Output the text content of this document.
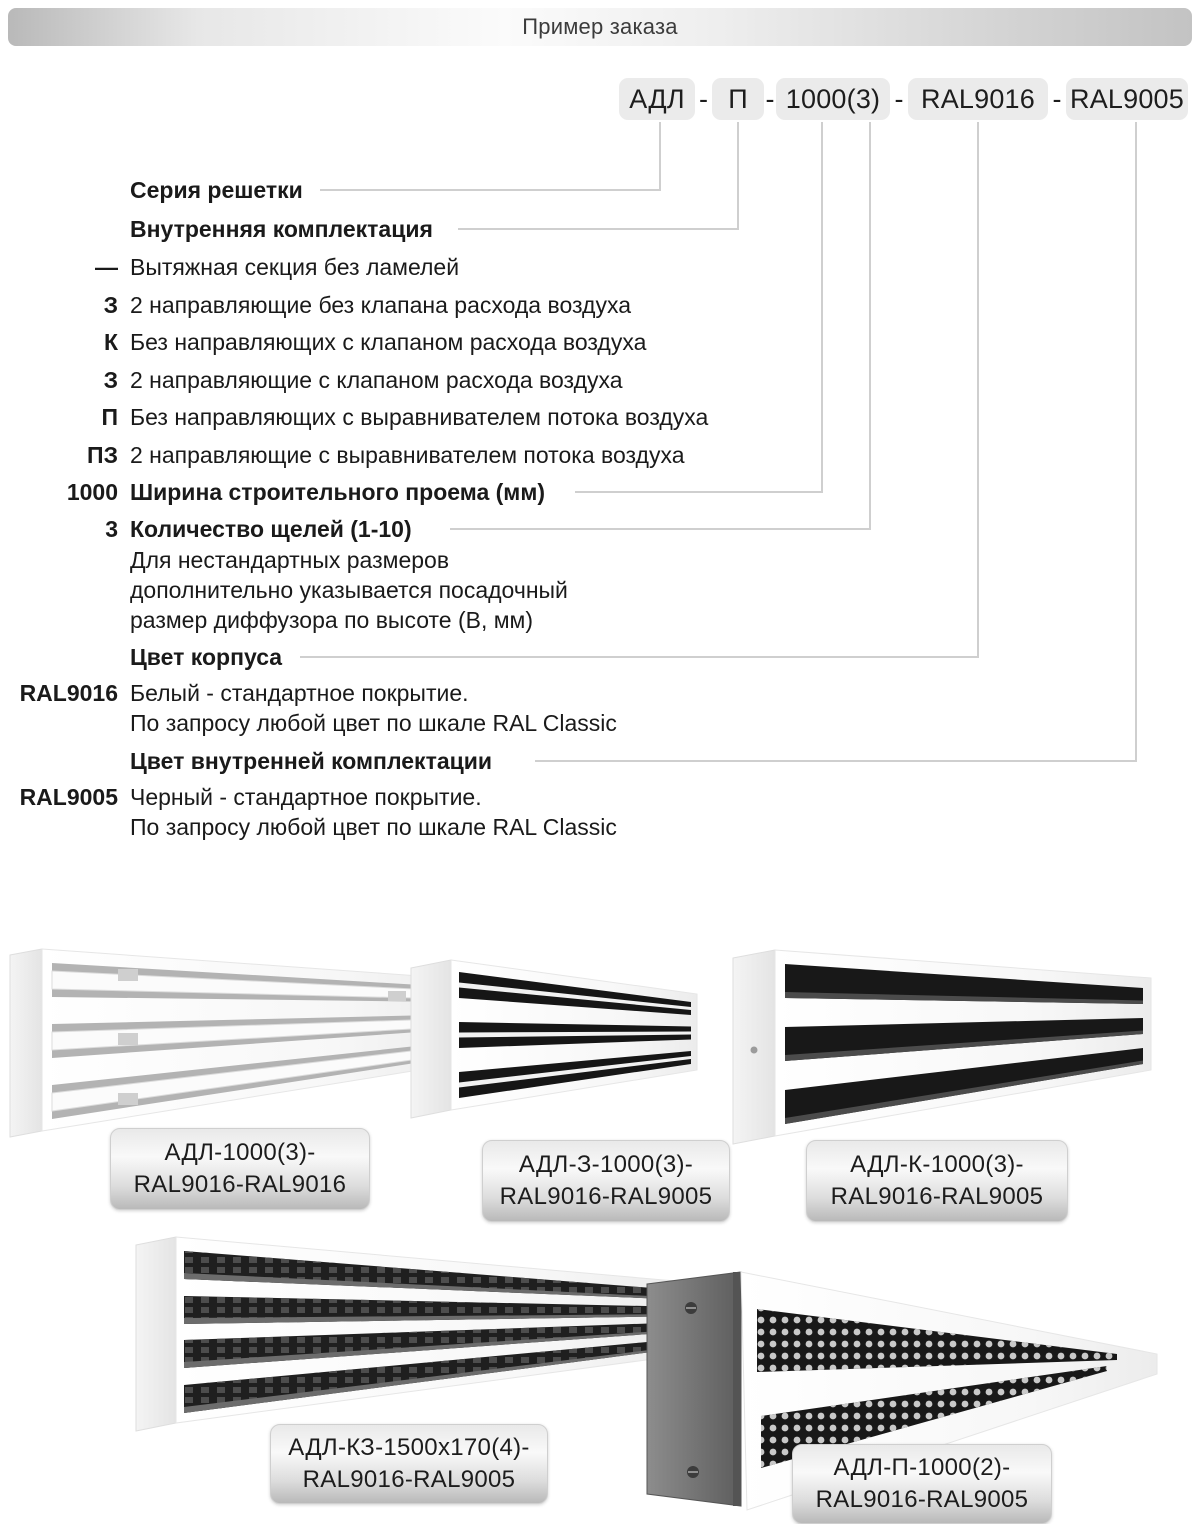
Пример заказа
АДЛ - П - 1000(3) - RAL9016 - RAL9005
Серия решетки
Внутренняя комплектация
— Вытяжная секция без ламелей
З 2 направляющие без клапана расхода воздуха
К Без направляющих с клапаном расхода воздуха
З 2 направляющие с клапаном расхода воздуха
П Без направляющих с выравнивателем потока воздуха
ПЗ 2 направляющие с выравнивателем потока воздуха
1000 Ширина строительного проема (мм)
3 Количество щелей (1-10)
Для нестандартных размеров
дополнительно указывается посадочный
размер диффузора по высоте (В, мм)
Цвет корпуса
RAL9016 Белый - стандартное покрытие.
По запросу любой цвет по шкале RAL Classic
Цвет внутренней комплектации
RAL9005 Черный - стандартное покрытие.
По запросу любой цвет по шкале RAL Classic
АДЛ-1000(3)-
RAL9016-RAL9016
АДЛ-З-1000(3)-
RAL9016-RAL9005
АДЛ-К-1000(3)-
RAL9016-RAL9005
АДЛ-КЗ-1500х170(4)-
RAL9016-RAL9005	АДЛ-П-1000(2)-
RAL9016-RAL9005
